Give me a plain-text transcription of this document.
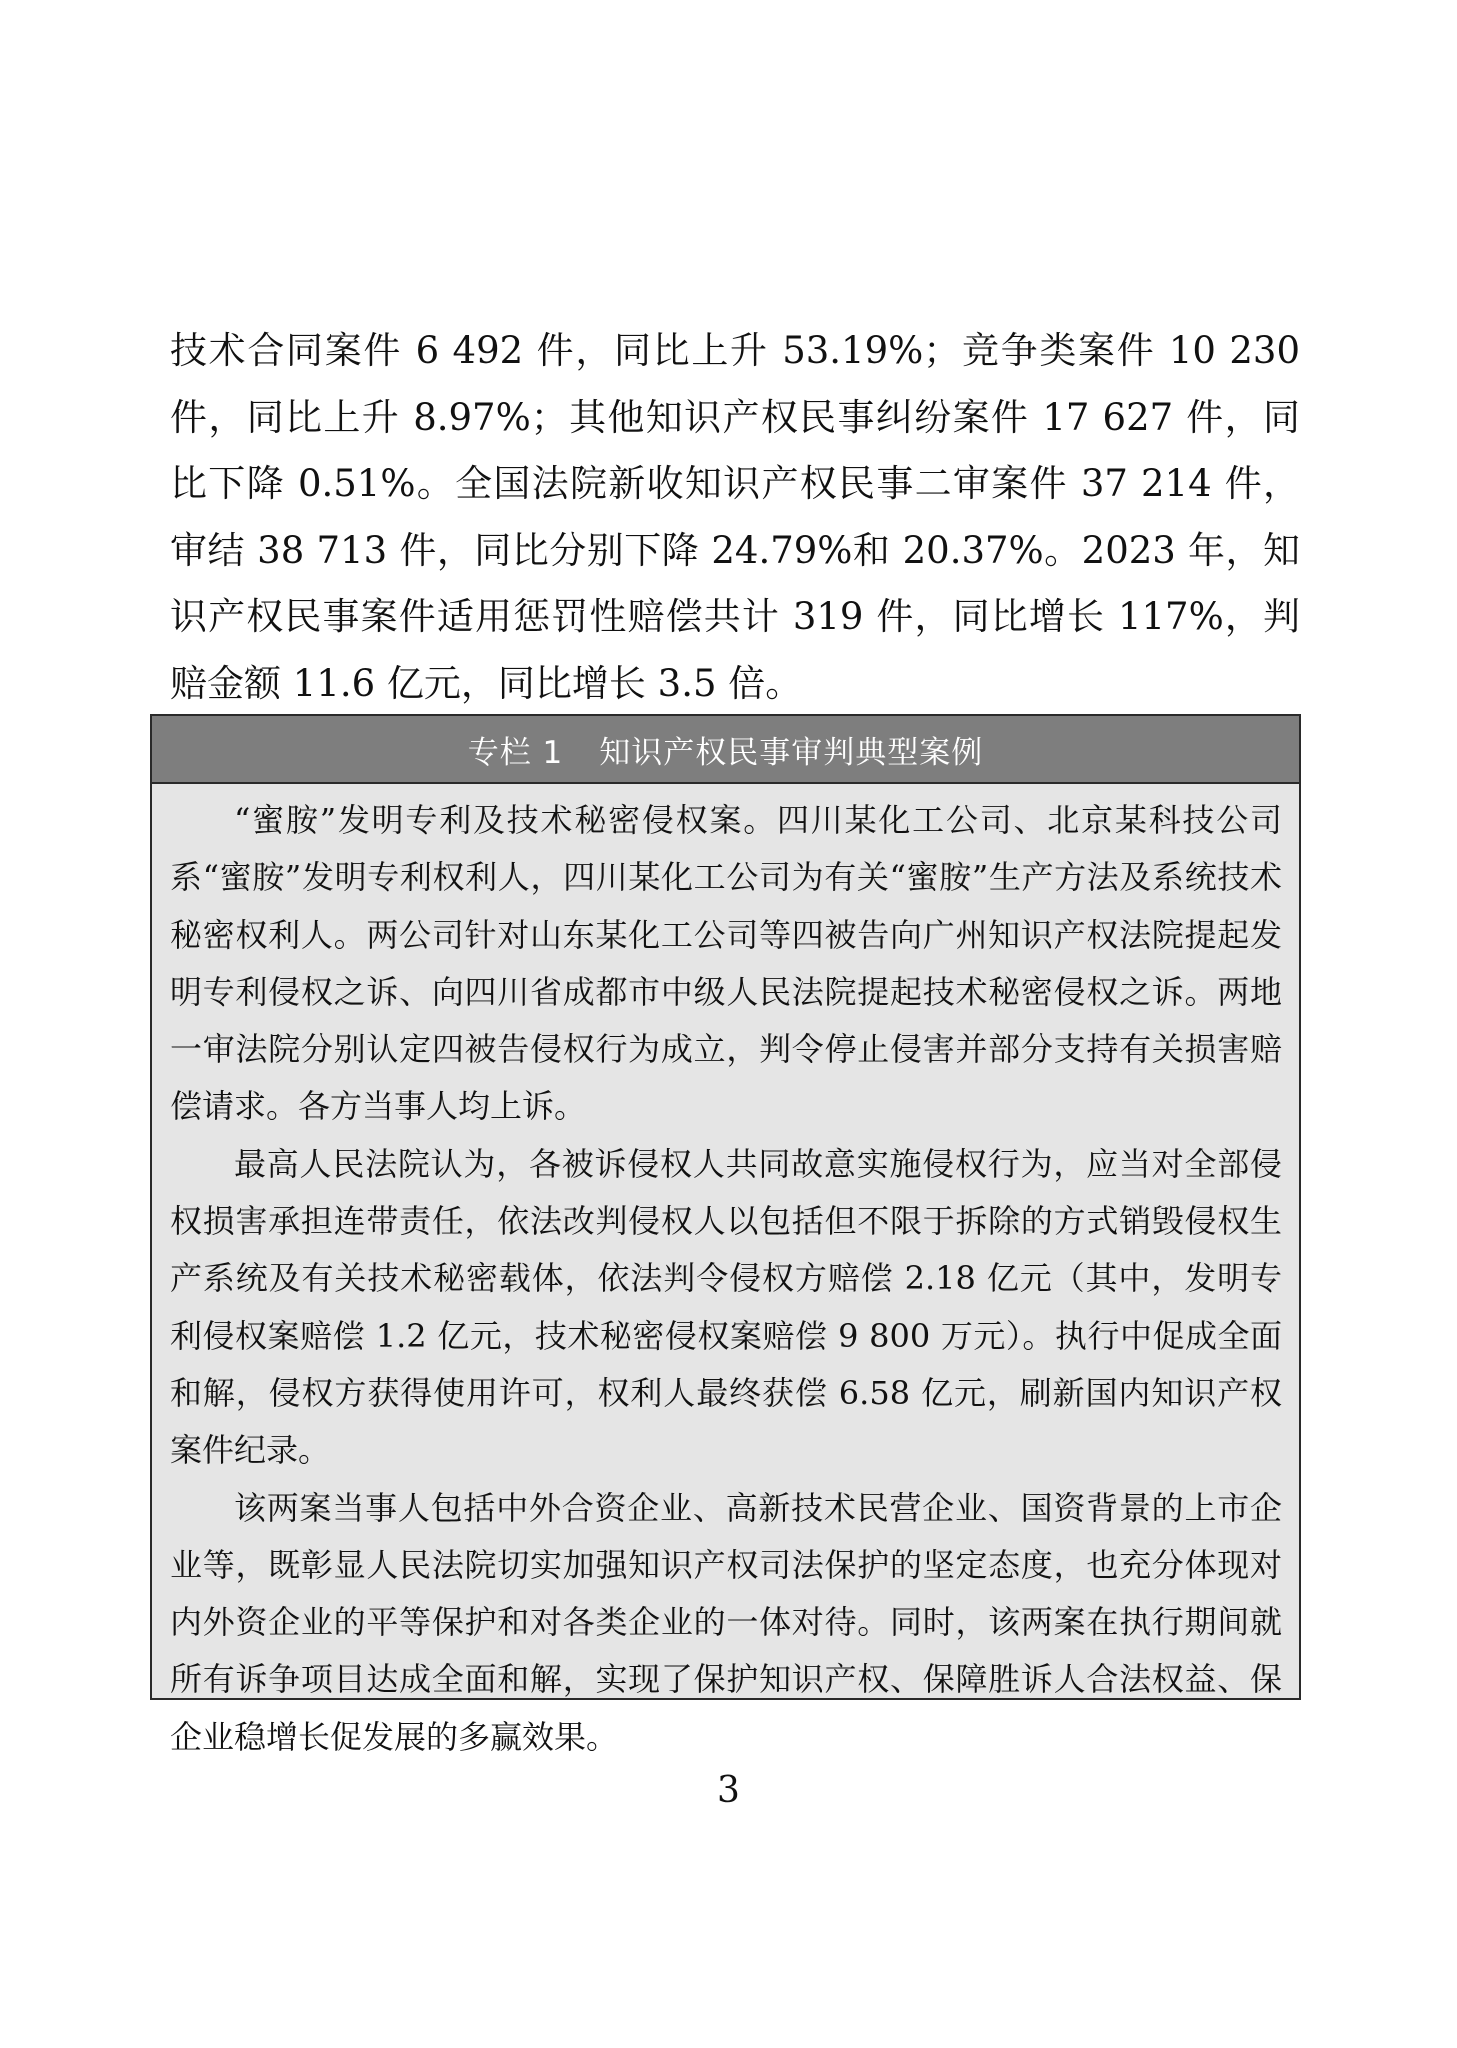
技术合同案件 6 492 件，同比上升 53.19%；竞争类案件 10 230 件，同比上升 8.97%；其他知识产权民事纠纷案件 17 627 件，同比下降 0.51%。全国法院新收知识产权民事二审案件 37 214 件，审结 38 713 件，同比分别下降 24.79%和 20.37%。2023 年，知识产权民事案件适用惩罚性赔偿共计 319 件，同比增长 117%，判赔金额 11.6 亿元，同比增长 3.5 倍。

专栏 1 知识产权民事审判典型案例

“蜜胺”发明专利及技术秘密侵权案。四川某化工公司、北京某科技公司系“蜜胺”发明专利权利人，四川某化工公司为有关“蜜胺”生产方法及系统技术秘密权利人。两公司针对山东某化工公司等四被告向广州知识产权法院提起发明专利侵权之诉、向四川省成都市中级人民法院提起技术秘密侵权之诉。两地一审法院分别认定四被告侵权行为成立，判令停止侵害并部分支持有关损害赔偿请求。各方当事人均上诉。

最高人民法院认为，各被诉侵权人共同故意实施侵权行为，应当对全部侵权损害承担连带责任，依法改判侵权人以包括但不限于拆除的方式销毁侵权生产系统及有关技术秘密载体，依法判令侵权方赔偿 2.18 亿元（其中，发明专利侵权案赔偿 1.2 亿元，技术秘密侵权案赔偿 9 800 万元）。执行中促成全面和解，侵权方获得使用许可，权利人最终获偿 6.58 亿元，刷新国内知识产权案件纪录。

该两案当事人包括中外合资企业、高新技术民营企业、国资背景的上市企业等，既彰显人民法院切实加强知识产权司法保护的坚定态度，也充分体现对内外资企业的平等保护和对各类企业的一体对待。同时，该两案在执行期间就所有诉争项目达成全面和解，实现了保护知识产权、保障胜诉人合法权益、保企业稳增长促发展的多赢效果。

3
